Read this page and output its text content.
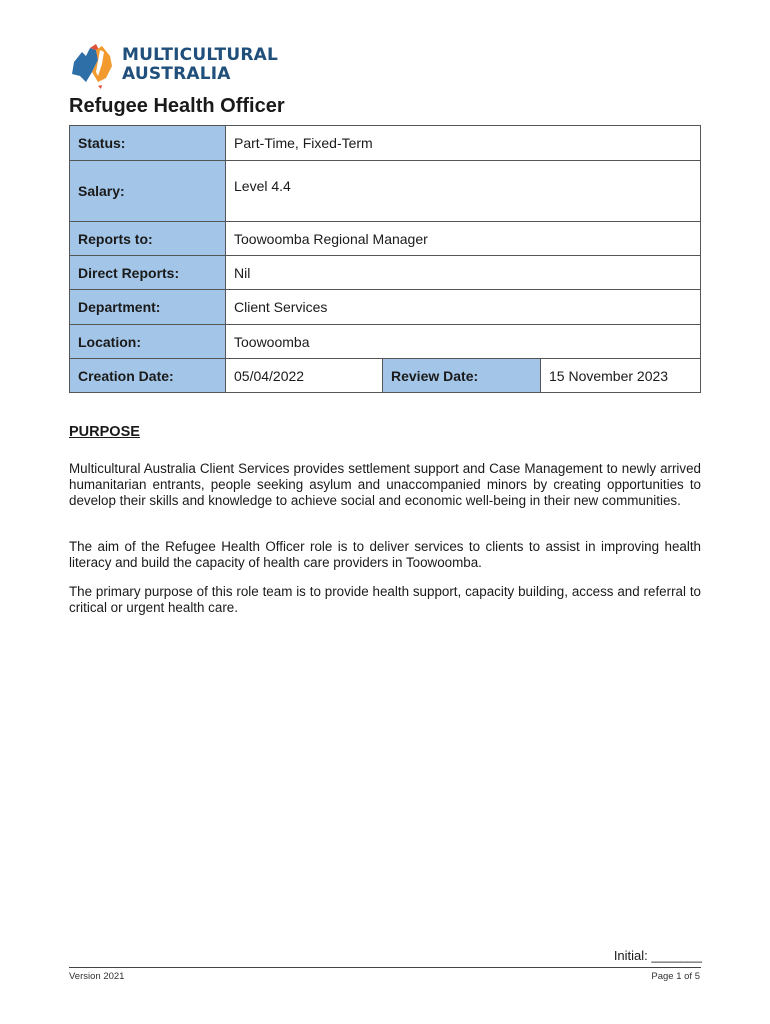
MULTICULTURAL
AUSTRALIA
Refugee Health Officer
Status:	Part-Time, Fixed-Term		
Salary:	Level 4.4		
Reports to:	Toowoomba Regional Manager		
Direct Reports:	Nil		
Department:	Client Services		
Location:	Toowoomba		
Creation Date:	05/04/2022	Review Date:	15 November 2023
PURPOSE

Multicultural Australia Client Services provides settlement support and Case Management to newly arrived humanitarian entrants, people seeking asylum and unaccompanied minors by creating opportunities to develop their skills and knowledge to achieve social and economic well-being in their new communities.

The aim of the Refugee Health Officer role is to deliver services to clients to assist in improving health literacy and build the capacity of health care providers in Toowoomba.

The primary purpose of this role team is to provide health support, capacity building, access and referral to critical or urgent health care.

Initial: _______
Version 2021	Page 1 of 5
